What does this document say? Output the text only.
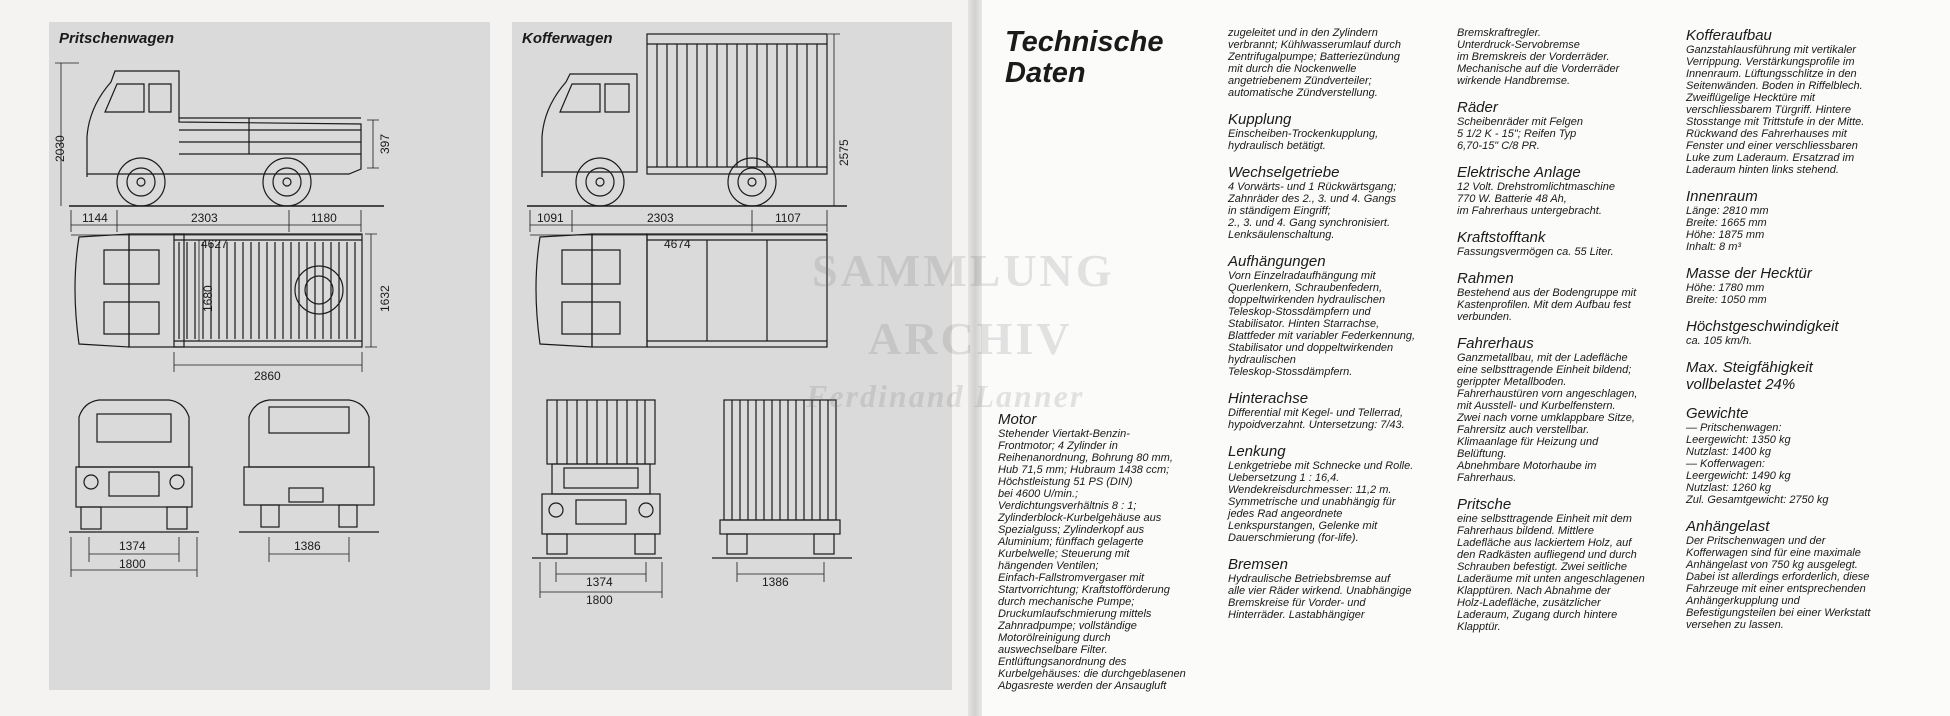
Pritschenwagen
2030	397
1144	2303	1180
4627
1680	1632
2860
1374
1800
1386
Kofferwagen
2575
1091	2303	1107
4674
1374
1800
1386
SAMMLUNG
ARCHIV
Ferdinand Lanner
Technische
Daten
Motor
Stehender Viertakt-Benzin-
Frontmotor; 4 Zylinder in
Reihenanordnung, Bohrung 80 mm,
Hub 71,5 mm; Hubraum 1438 ccm;
Höchstleistung 51 PS (DIN)
bei 4600 U/min.;
Verdichtungsverhältnis 8 : 1;
Zylinderblock-Kurbelgehäuse aus
Spezialguss; Zylinderkopf aus
Aluminium; fünffach gelagerte
Kurbelwelle; Steuerung mit
hängenden Ventilen;
Einfach-Fallstromvergaser mit
Startvorrichtung; Kraftstofförderung
durch mechanische Pumpe;
Druckumlaufschmierung mittels
Zahnradpumpe; vollständige
Motorölreinigung durch
auswechselbare Filter.
Entlüftungsanordnung des
Kurbelgehäuses: die durchgeblasenen
Abgasreste werden der Ansaugluft
zugeleitet und in den Zylindern
verbrannt; Kühlwasserumlauf durch
Zentrifugalpumpe; Batteriezündung
mit durch die Nockenwelle
angetriebenem Zündverteiler;
automatische Zündverstellung.
Kupplung
Einscheiben-Trockenkupplung,
hydraulisch betätigt.
Wechselgetriebe
4 Vorwärts- und 1 Rückwärtsgang;
Zahnräder des 2., 3. und 4. Gangs
in ständigem Eingriff;
2., 3. und 4. Gang synchronisiert.
Lenksäulenschaltung.
Aufhängungen
Vorn Einzelradaufhängung mit
Querlenkern, Schraubenfedern,
doppeltwirkenden hydraulischen
Teleskop-Stossdämpfern und
Stabilisator. Hinten Starrachse,
Blattfeder mit variabler Federkennung,
Stabilisator und doppeltwirkenden
hydraulischen
Teleskop-Stossdämpfern.
Hinterachse
Differential mit Kegel- und Tellerrad,
hypoidverzahnt. Untersetzung: 7/43.
Lenkung
Lenkgetriebe mit Schnecke und Rolle.
Uebersetzung 1 : 16,4.
Wendekreisdurchmesser: 11,2 m.
Symmetrische und unabhängig für
jedes Rad angeordnete
Lenkspurstangen, Gelenke mit
Dauerschmierung (for-life).
Bremsen
Hydraulische Betriebsbremse auf
alle vier Räder wirkend. Unabhängige
Bremskreise für Vorder- und
Hinterräder. Lastabhängiger
Bremskraftregler.
Unterdruck-Servobremse
im Bremskreis der Vorderräder.
Mechanische auf die Vorderräder
wirkende Handbremse.
Räder
Scheibenräder mit Felgen
5 1/2 K - 15"; Reifen Typ
6,70-15" C/8 PR.
Elektrische Anlage
12 Volt. Drehstromlichtmaschine
770 W. Batterie 48 Ah,
im Fahrerhaus untergebracht.
Kraftstofftank
Fassungsvermögen ca. 55 Liter.
Rahmen
Bestehend aus der Bodengruppe mit
Kastenprofilen. Mit dem Aufbau fest
verbunden.
Fahrerhaus
Ganzmetallbau, mit der Ladefläche
eine selbsttragende Einheit bildend;
gerippter Metallboden.
Fahrerhaustüren vorn angeschlagen,
mit Ausstell- und Kurbelfenstern.
Zwei nach vorne umklappbare Sitze,
Fahrersitz auch verstellbar.
Klimaanlage für Heizung und
Belüftung.
Abnehmbare Motorhaube im
Fahrerhaus.
Pritsche
eine selbsttragende Einheit mit dem
Fahrerhaus bildend. Mittlere
Ladefläche aus lackiertem Holz, auf
den Radkästen aufliegend und durch
Schrauben befestigt. Zwei seitliche
Laderäume mit unten angeschlagenen
Klapptüren. Nach Abnahme der
Holz-Ladefläche, zusätzlicher
Laderaum, Zugang durch hintere
Klapptür.
Kofferaufbau
Ganzstahlausführung mit vertikaler
Verrippung. Verstärkungsprofile im
Innenraum. Lüftungsschlitze in den
Seitenwänden. Boden in Riffelblech.
Zweiflügelige Hecktüre mit
verschliessbarem Türgriff. Hintere
Stosstange mit Trittstufe in der Mitte.
Rückwand des Fahrerhauses mit
Fenster und einer verschliessbaren
Luke zum Laderaum. Ersatzrad im
Laderaum hinten links stehend.
Innenraum
Länge: 2810 mm
Breite: 1665 mm
Höhe: 1875 mm
Inhalt: 8 m³
Masse der Hecktür
Höhe: 1780 mm
Breite: 1050 mm
Höchstgeschwindigkeit
ca. 105 km/h.
Max. Steigfähigkeit
vollbelastet 24%
Gewichte
— Pritschenwagen:
Leergewicht: 1350 kg
Nutzlast: 1400 kg
— Kofferwagen:
Leergewicht: 1490 kg
Nutzlast: 1260 kg
Zul. Gesamtgewicht: 2750 kg
Anhängelast
Der Pritschenwagen und der
Kofferwagen sind für eine maximale
Anhängelast von 750 kg ausgelegt.
Dabei ist allerdings erforderlich, diese
Fahrzeuge mit einer entsprechenden
Anhängerkupplung und
Befestigungsteilen bei einer Werkstatt
versehen zu lassen.
